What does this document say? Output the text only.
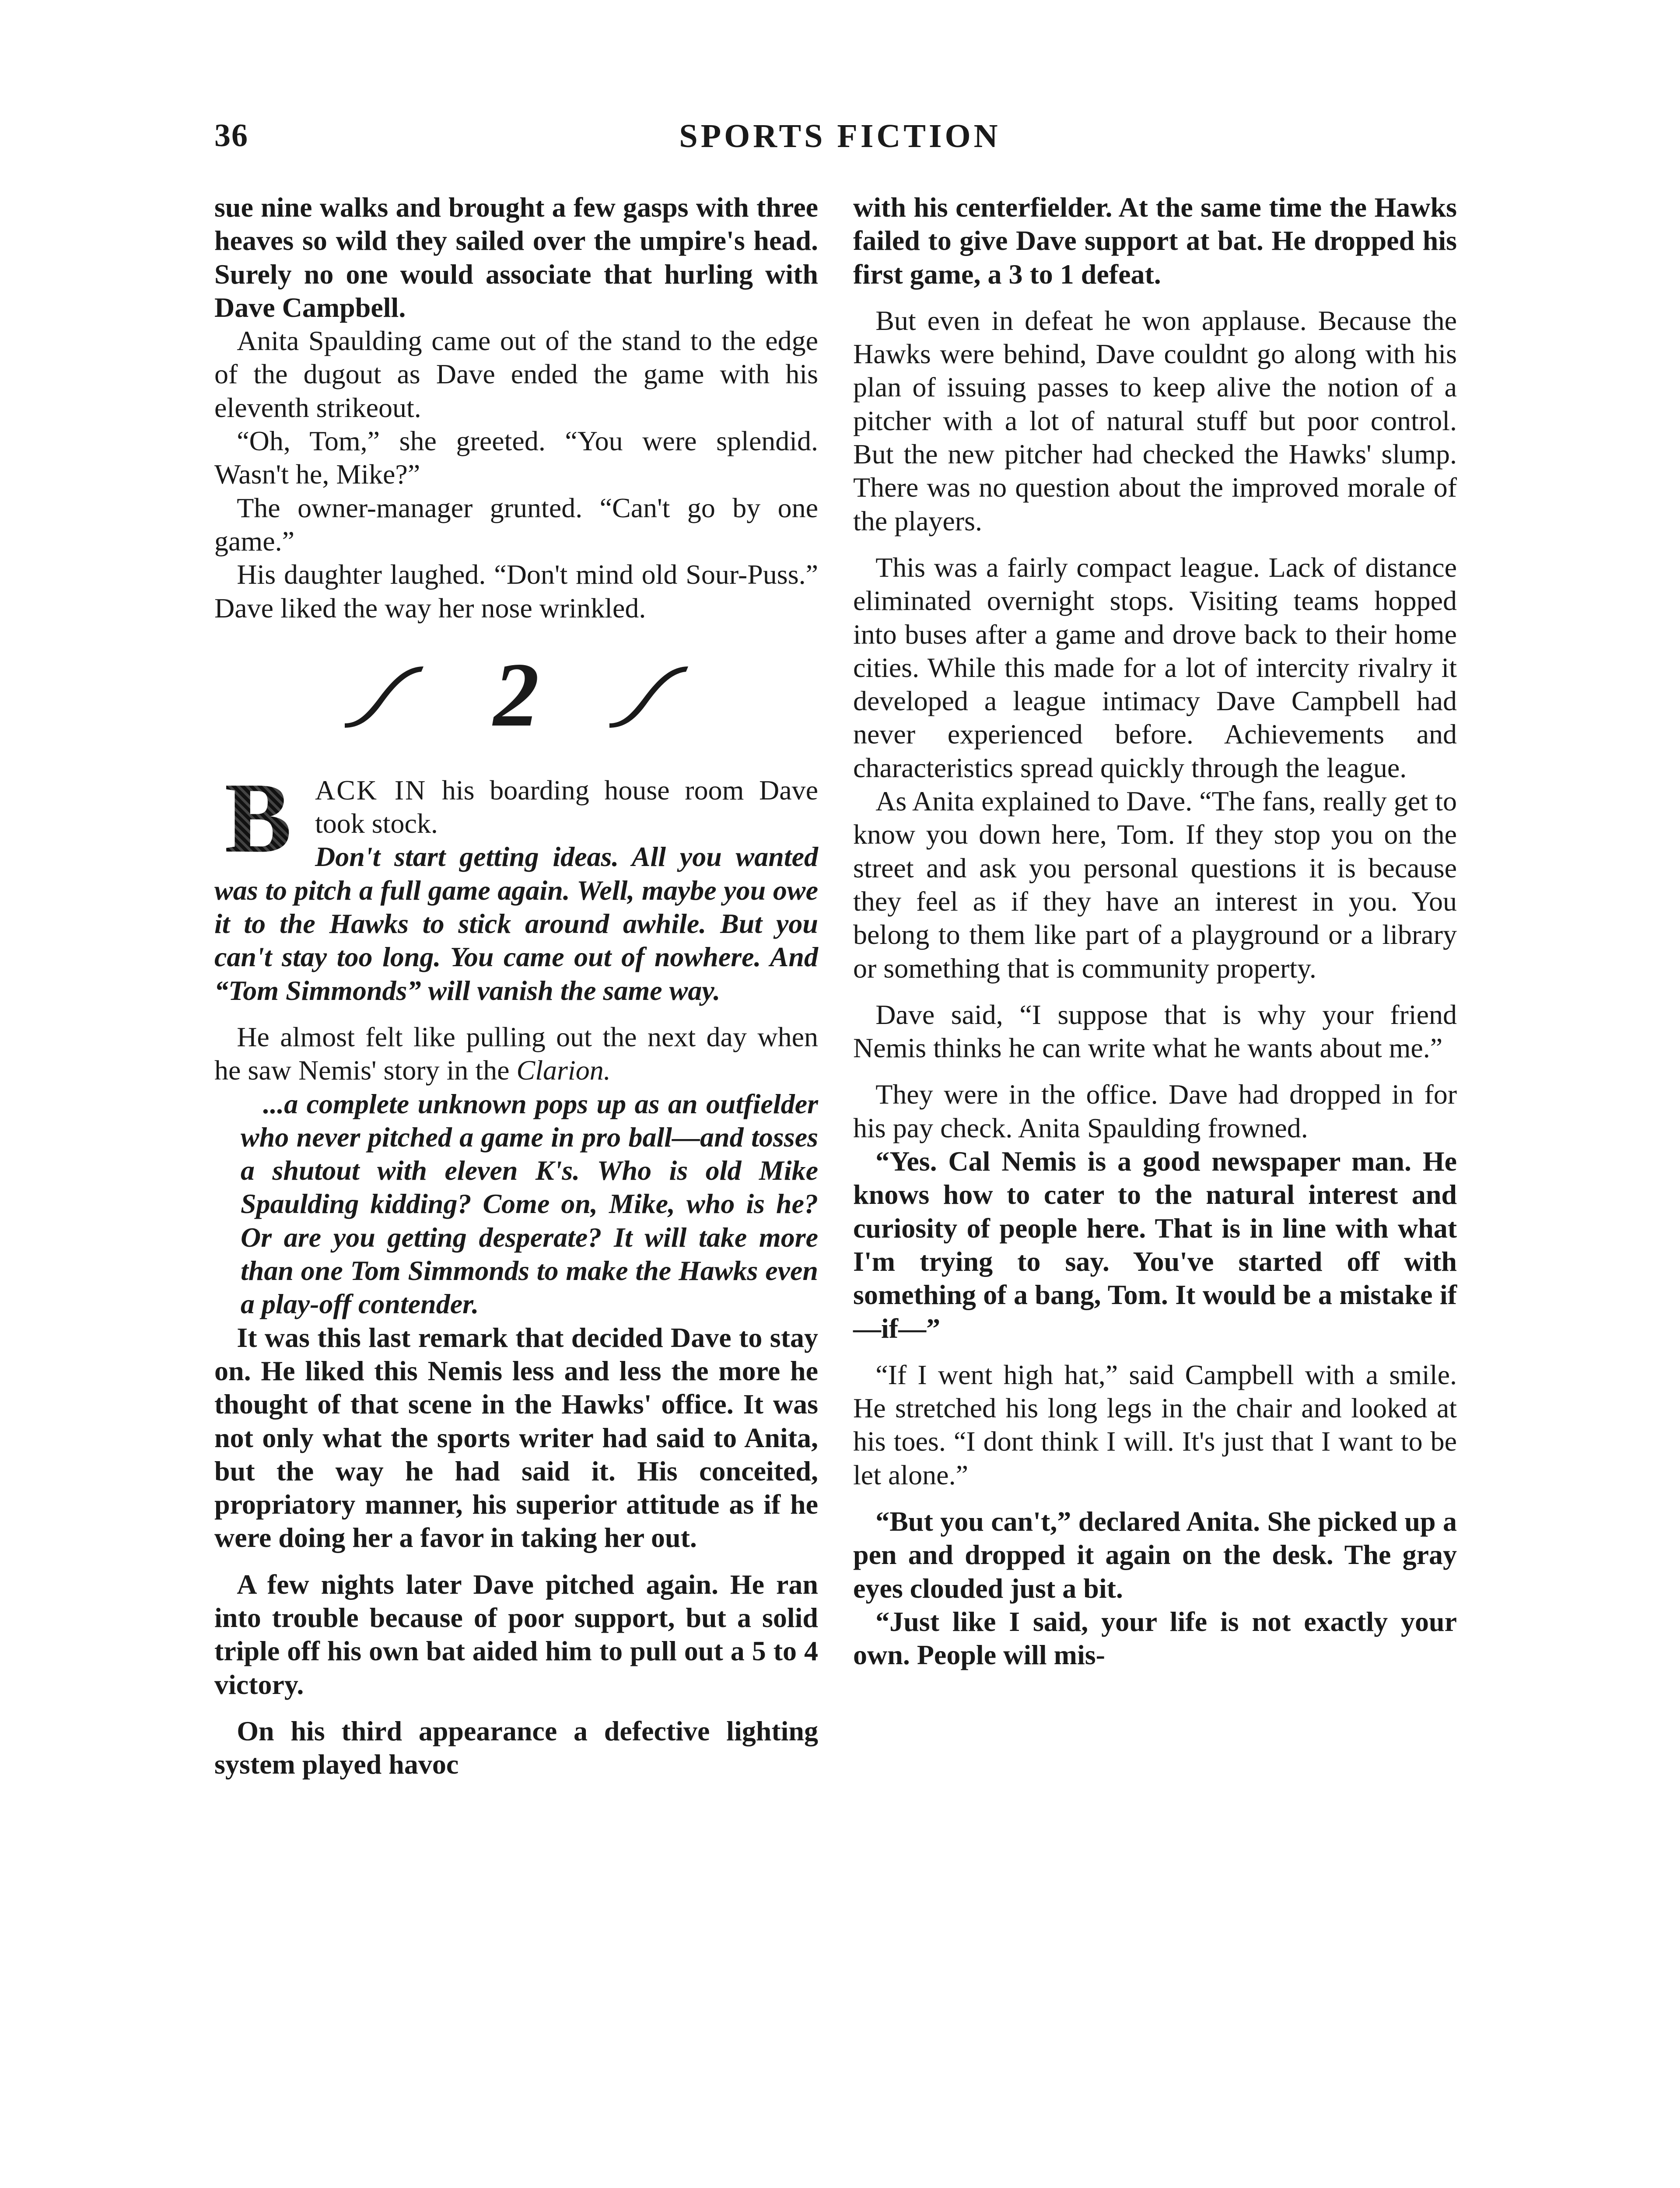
36	SPORTS FICTION

sue nine walks and brought a few gasps with three heaves so wild they sailed over the umpire's head. Surely no one would associate that hurling with Dave Campbell.

Anita Spaulding came out of the stand to the edge of the dugout as Dave ended the game with his eleventh strikeout.

“Oh, Tom,” she greeted. “You were splendid. Wasn't he, Mike?”

The owner-manager grunted. “Can't go by one game.”

His daughter laughed. “Don't mind old Sour-Puss.” Dave liked the way her nose wrinkled.

2
B ACK IN his boarding house room Dave took stock.

Don't start getting ideas. All you wanted was to pitch a full game again. Well, maybe you owe it to the Hawks to stick around awhile. But you can't stay too long. You came out of nowhere. And “Tom Simmonds” will vanish the same way.

He almost felt like pulling out the next day when he saw Nemis' story in the Clarion.

...a complete unknown pops up as an outfielder who never pitched a game in pro ball—and tosses a shutout with eleven K's. Who is old Mike Spaulding kidding? Come on, Mike, who is he? Or are you getting desperate? It will take more than one Tom Simmonds to make the Hawks even a play-off contender.

It was this last remark that decided Dave to stay on. He liked this Nemis less and less the more he thought of that scene in the Hawks' office. It was not only what the sports writer had said to Anita, but the way he had said it. His conceited, propriatory manner, his superior attitude as if he were doing her a favor in taking her out.

A few nights later Dave pitched again. He ran into trouble because of poor support, but a solid triple off his own bat aided him to pull out a 5 to 4 victory.

On his third appearance a defective lighting system played havoc

with his centerfielder. At the same time the Hawks failed to give Dave support at bat. He dropped his first game, a 3 to 1 defeat.

But even in defeat he won applause. Because the Hawks were behind, Dave couldnt go along with his plan of issuing passes to keep alive the notion of a pitcher with a lot of natural stuff but poor control. But the new pitcher had checked the Hawks' slump. There was no question about the improved morale of the players.

This was a fairly compact league. Lack of distance eliminated overnight stops. Visiting teams hopped into buses after a game and drove back to their home cities. While this made for a lot of intercity rivalry it developed a league intimacy Dave Campbell had never experienced before. Achievements and characteristics spread quickly through the league.

As Anita explained to Dave. “The fans, really get to know you down here, Tom. If they stop you on the street and ask you personal questions it is because they feel as if they have an interest in you. You belong to them like part of a playground or a library or something that is community property.

Dave said, “I suppose that is why your friend Nemis thinks he can write what he wants about me.”

They were in the office. Dave had dropped in for his pay check. Anita Spaulding frowned.

“Yes. Cal Nemis is a good newspaper man. He knows how to cater to the natural interest and curiosity of people here. That is in line with what I'm trying to say. You've started off with something of a bang, Tom. It would be a mistake if—if—”

“If I went high hat,” said Campbell with a smile. He stretched his long legs in the chair and looked at his toes. “I dont think I will. It's just that I want to be let alone.”

“But you can't,” declared Anita. She picked up a pen and dropped it again on the desk. The gray eyes clouded just a bit.

“Just like I said, your life is not exactly your own. People will mis-
